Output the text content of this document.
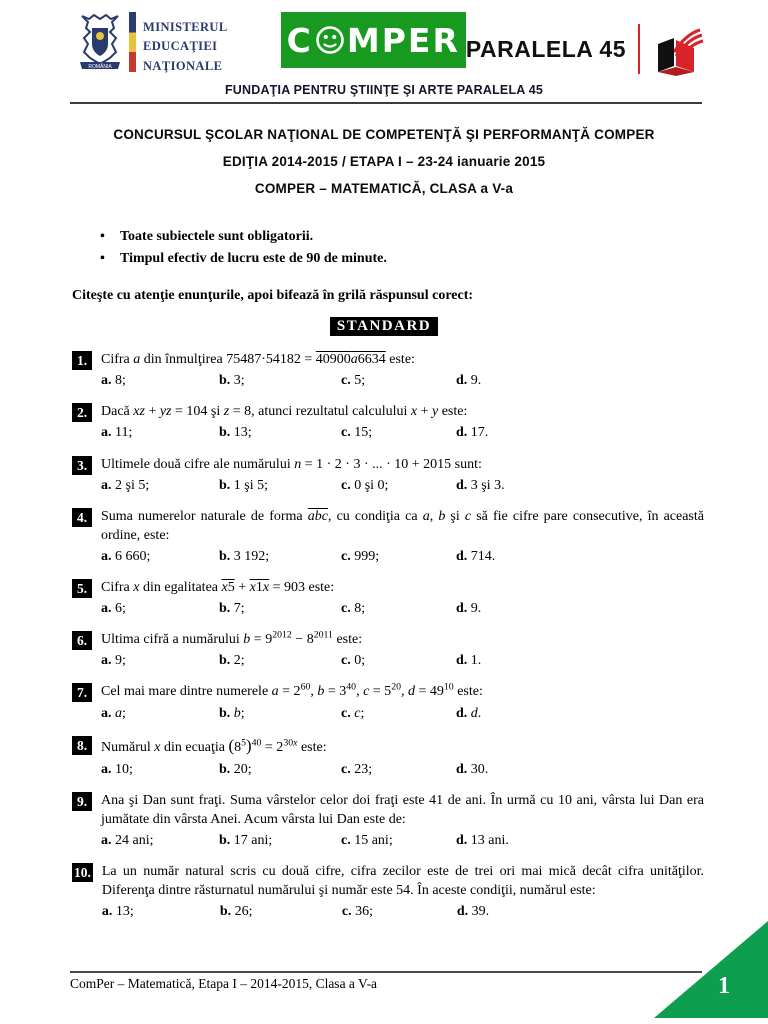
ROMÂNIA
MINISTERUL
EDUCAŢIEI
NAŢIONALE
C MPER PARALELA 45
FUNDAŢIA PENTRU ŞTIINŢE ŞI ARTE PARALELA 45
CONCURSUL ŞCOLAR NAŢIONAL DE COMPETENŢĂ ŞI PERFORMANŢĂ COMPER
EDIŢIA 2014-2015 / ETAPA I – 23-24 ianuarie 2015
COMPER – MATEMATICĂ, CLASA a V-a
•	Toate subiectele sunt obligatorii.
•	Timpul efectiv de lucru este de 90 de minute.
Citeşte cu atenţie enunţurile, apoi bifează în grilă răspunsul corect:
STANDARD
1. Cifra a din înmulţirea 75487·54182 = 40900a6634 este:
a. 8;	b. 3;	c. 5;	d. 9.
2. Dacă xz + yz = 104 şi z = 8, atunci rezultatul calculului x + y este:
a. 11;	b. 13;	c. 15;	d. 17.
3. Ultimele două cifre ale numărului n = 1 · 2 · 3 · ... · 10 + 2015 sunt:
a. 2 şi 5;	b. 1 şi 5;	c. 0 şi 0;	d. 3 şi 3.
4. Suma numerelor naturale de forma $\overline{abc}$, cu condiţia ca a, b şi c să fie cifre pare consecutive, în această ordine, este:
a. 6 660;	b. 3 192;	c. 999;	d. 714.
5. Cifra x din egalitatea x5 + x1x = 903 este:
a. 6;	b. 7;	c. 8;	d. 9.
6. Ultima cifră a numărului $b = 9^{2012} - 8^{2011}$ este:
a. 9;	b. 2;	c. 0;	d. 1.
7. Cel mai mare dintre numerele $a = 2^{60}$, $b = 3^{40}$, $c = 5^{20}$, $d = 49^{10}$ este:
a. a;	b. b;	c. c;	d. d.
8. Numărul x din ecuaţia $(8^5)^{40} = 2^{30x}$ este:
a. 10;	b. 20;	c. 23;	d. 30.
9. Ana şi Dan sunt fraţi. Suma vârstelor celor doi fraţi este 41 de ani. În urmă cu 10 ani, vârsta lui Dan era jumătate din vârsta Anei. Acum vârsta lui Dan este de:
a. 24 ani;	b. 17 ani;	c. 15 ani;	d. 13 ani.
10. La un număr natural scris cu două cifre, cifra zecilor este de trei ori mai mică decât cifra unităţilor. Diferenţa dintre răsturnatul numărului şi număr este 54. În aceste condiţii, numărul este:
a. 13;	b. 26;	c. 36;	d. 39.
ComPer – Matematică, Etapa I – 2014-2015, Clasa a V-a	1
